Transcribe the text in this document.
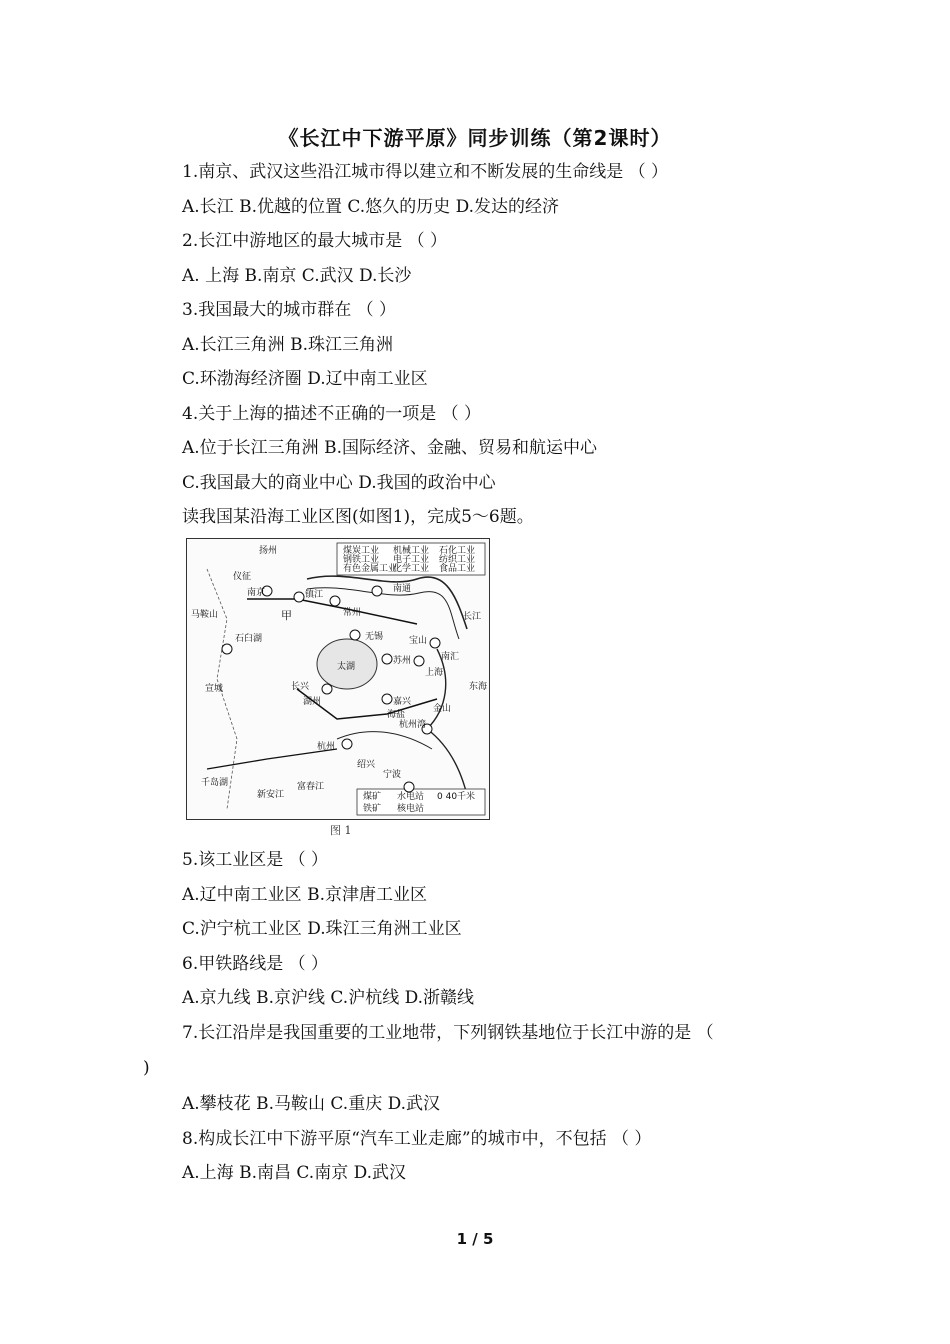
《长江中下游平原》同步训练（第2课时）
1.南京、武汉这些沿江城市得以建立和不断发展的生命线是 （ ）
A.长江 B.优越的位置 C.悠久的历史 D.发达的经济
2.长江中游地区的最大城市是 （ ）
A. 上海 B.南京 C.武汉 D.长沙
3.我国最大的城市群在 （ ）
A.长江三角洲 B.珠江三角洲
C.环渤海经济圈 D.辽中南工业区
4.关于上海的描述不正确的一项是 （ ）
A.位于长江三角洲 B.国际经济、金融、贸易和航运中心
C.我国最大的商业中心 D.我国的政治中心
读我国某沿海工业区图(如图1)，完成5～6题。
煤炭工业 机械工业 石化工业
钢铁工业 电子工业 纺织工业
有色金属工业
化学工业 食品工业
煤矿 水电站
铁矿 核电站
0 40千米
扬州
仪征
南京	镇江
常州
南通
无锡
苏州
上海
宝山
南汇
湖州
长兴
嘉兴
海盐
金山
杭州
绍兴
宁波
富春江
新安江
千岛湖
石臼湖
马鞍山
宣城
甲
太湖
杭州湾
东海
长江
图 1
5.该工业区是 （ ）
A.辽中南工业区 B.京津唐工业区
C.沪宁杭工业区 D.珠江三角洲工业区
6.甲铁路线是 （ ）
A.京九线 B.京沪线 C.沪杭线 D.浙赣线
7.长江沿岸是我国重要的工业地带，下列钢铁基地位于长江中游的是 （
)
A.攀枝花 B.马鞍山 C.重庆 D.武汉
8.构成长江中下游平原“汽车工业走廊”的城市中，不包括 （ ）
A.上海 B.南昌 C.南京 D.武汉
1 / 5
